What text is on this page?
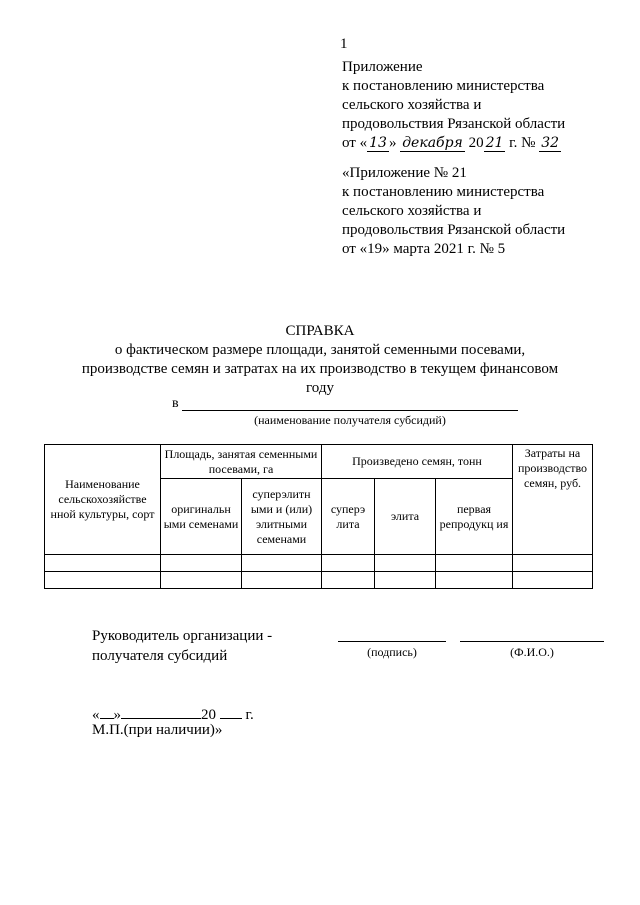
1
Приложение
к постановлению министерства
сельского хозяйства и
продовольствия Рязанской области
от « 13 » декабря 20 21 г. № 32
«Приложение № 21
к постановлению министерства
сельского хозяйства и
продовольствия Рязанской области
от «19» марта 2021 г. № 5
СПРАВКА
о фактическом размере площади, занятой семенными посевами,
производстве семян и затратах на их производство в текущем финансовом
году
в
(наименование получателя субсидий)
Наименование сельскохозяйстве нной культуры, сорт	Площадь, занятая семенными посевами, га		Произведено семян, тонн			Затраты на производство семян, руб.
	оригинальн ыми семенами	суперэлитн ыми и (или) элитными семенами	суперэ лита	элита	первая репродукц ия	

Руководитель организации -
получателя субсидий	(подпись)	(Ф.И.О.)
« »	20  г.
М.П.(при наличии)»
